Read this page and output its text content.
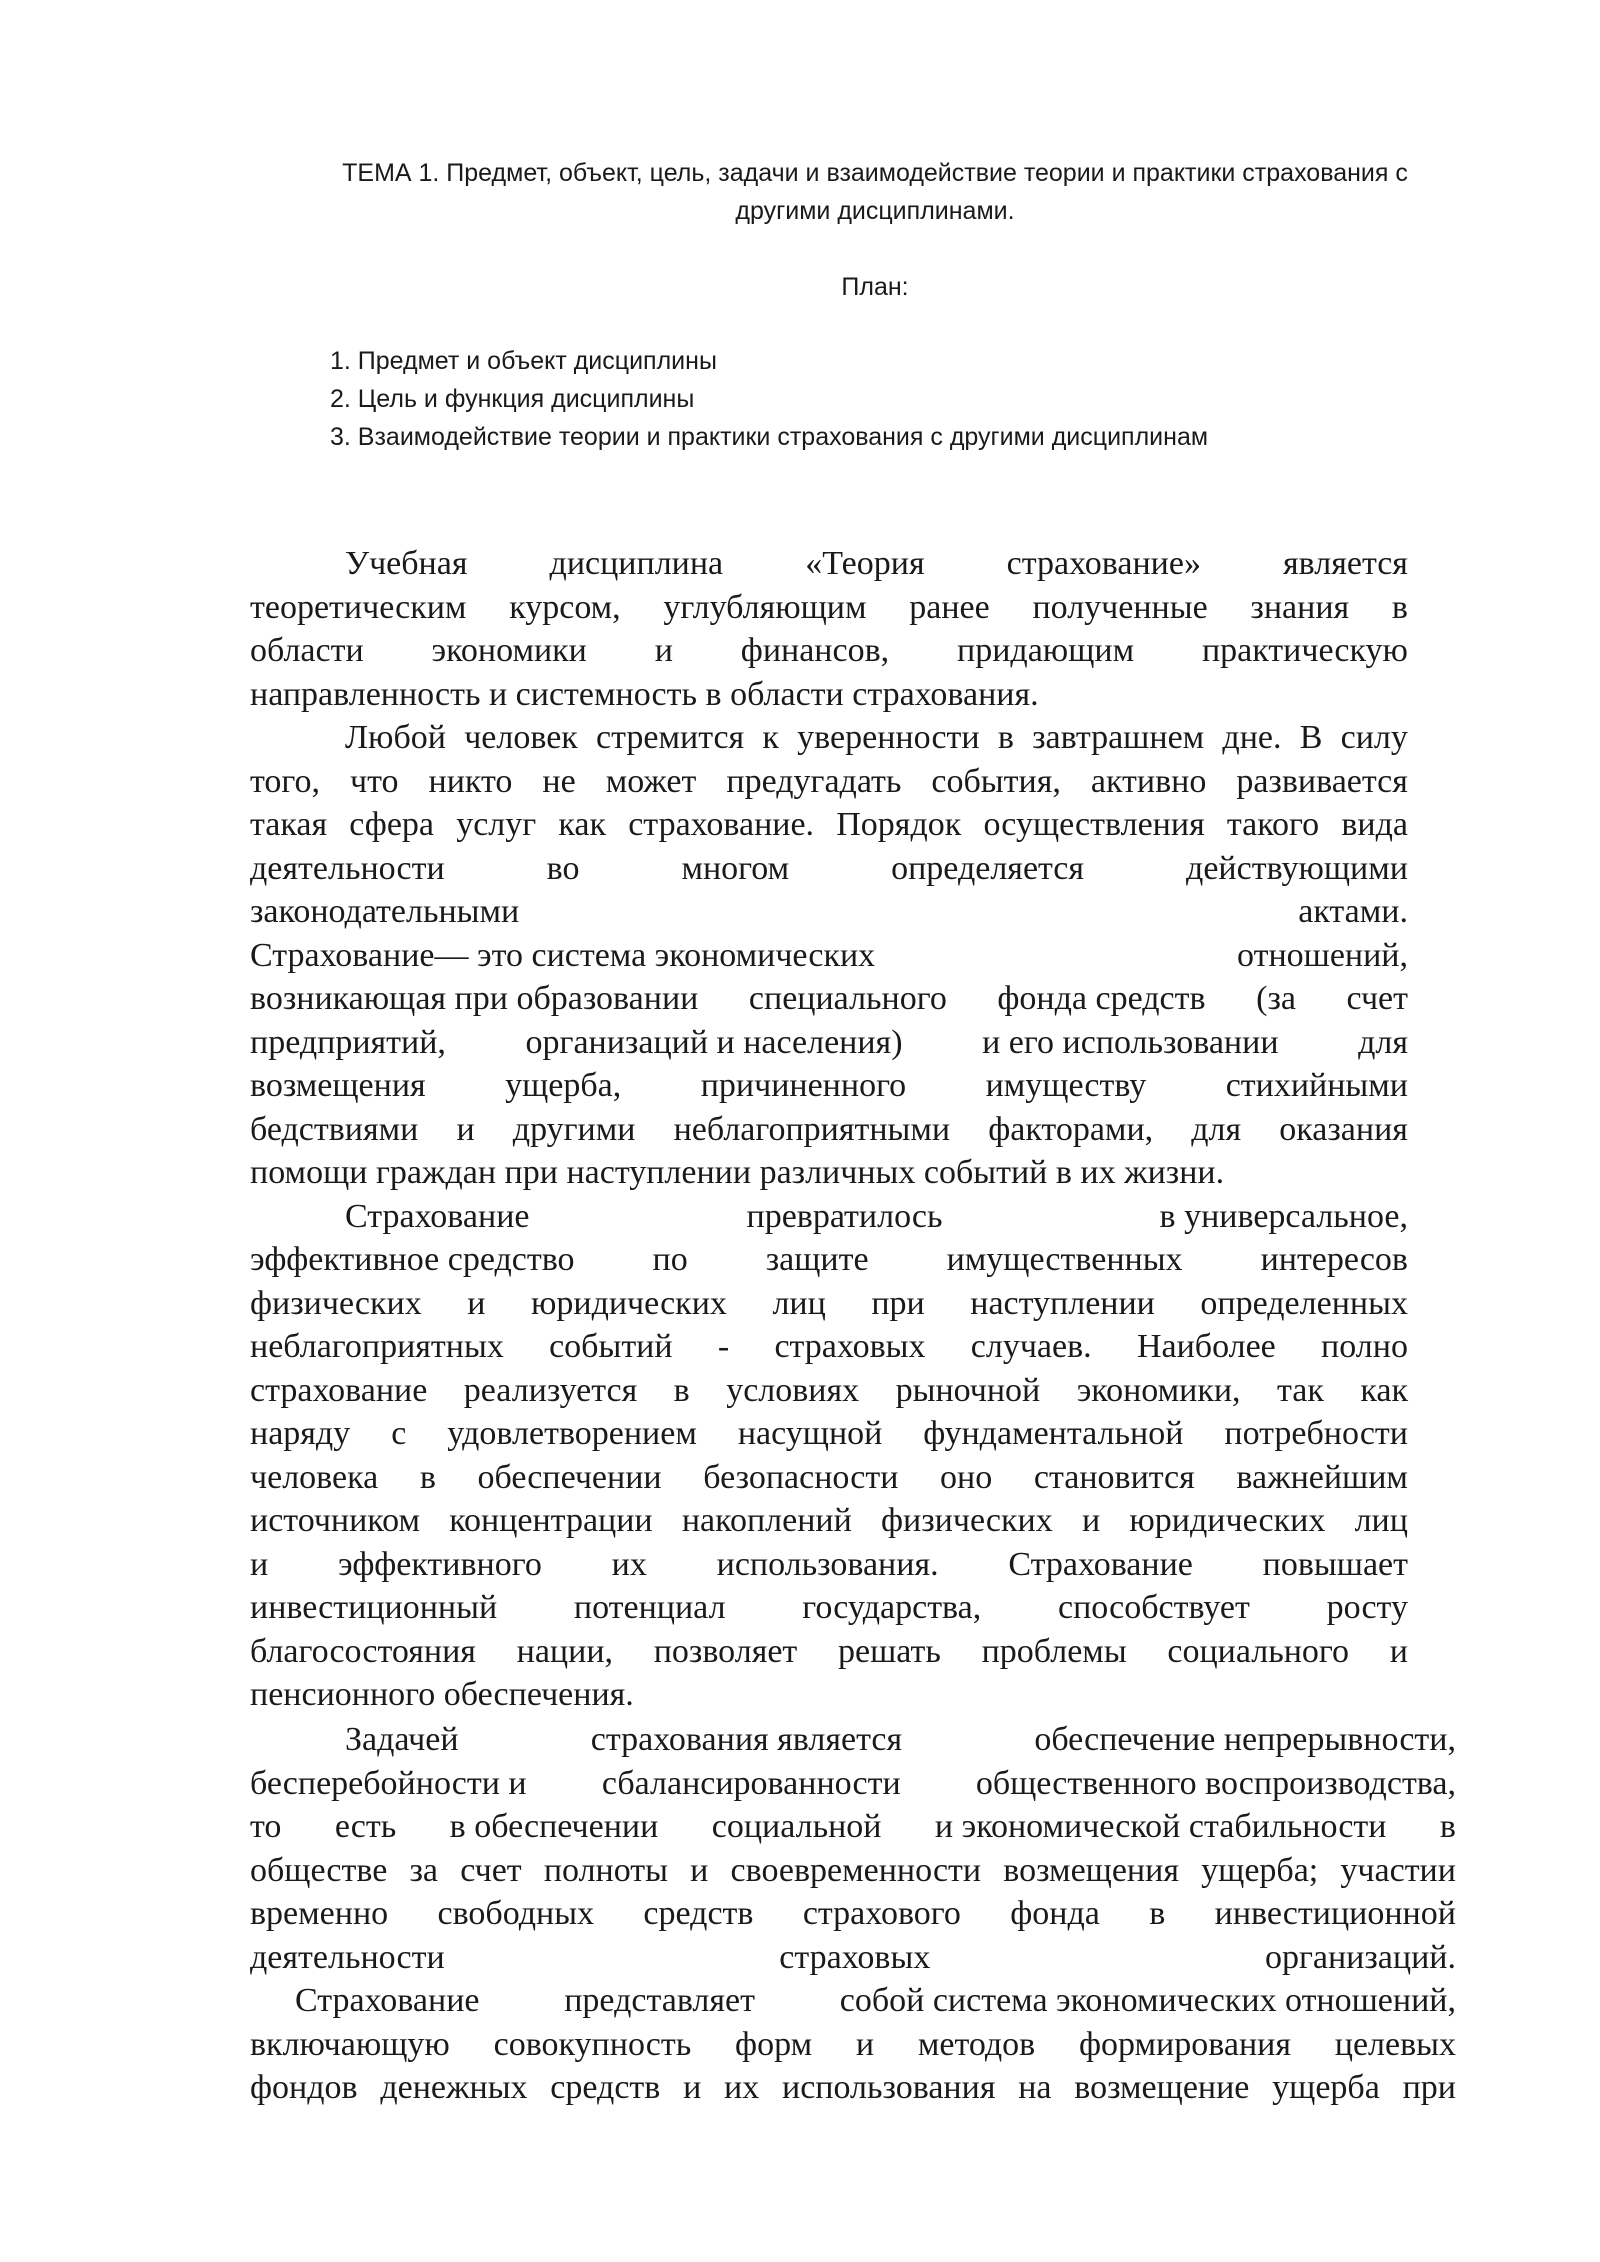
ТЕМА 1. Предмет, объект, цель, задачи и взаимодействие теории и практики страхования с
другими дисциплинами.
План:
1. Предмет и объект дисциплины
2. Цель и функция дисциплины
3. Взаимодействие теории и практики страхования с другими дисциплинам
Учебная дисциплина «Теория страхование» является
теоретическим курсом, углубляющим ранее полученные знания в
области экономики и финансов, придающим практическую
направленность и системность в области страхования.
Любой человек стремится к уверенности в завтрашнем дне. В силу
того, что никто не может предугадать события, активно развивается
такая сфера услуг как страхование. Порядок осуществления такого вида
деятельности	во	многом	определяется	действующими
законодательными	актами.
Страхование— это система экономических	отношений,
возникающая при образовании специального фонда средств (за счет
предприятий, организаций и населения) и его использовании для
возмещения ущерба, причиненного имуществу стихийными
бедствиями и другими неблагоприятными факторами, для оказания
помощи граждан при наступлении различных событий в их жизни.
Страхование	превратилось	в универсальное,
эффективное средство по защите имущественных интересов
физических и юридических лиц при наступлении определенных
неблагоприятных событий - страховых случаев. Наиболее полно
страхование реализуется в условиях рыночной экономики, так как
наряду с удовлетворением насущной фундаментальной потребности
человека в обеспечении безопасности оно становится важнейшим
источником концентрации накоплений физических и юридических лиц
и эффективного их использования. Страхование повышает
инвестиционный потенциал государства, способствует росту
благосостояния нации, позволяет решать проблемы социального и
пенсионного обеспечения.
Задачей	страхования является	обеспечение непрерывности,
бесперебойности и сбалансированности общественного воспроизводства,
то есть в обеспечении социальной и экономической стабильности в
обществе за счет полноты и своевременности возмещения ущерба; участии
временно свободных средств страхового фонда в инвестиционной
деятельности	страховых	организаций.
Страхование представляет собой система экономических отношений,
включающую совокупность форм и методов формирования целевых
фондов денежных средств и их использования на возмещение ущерба при
